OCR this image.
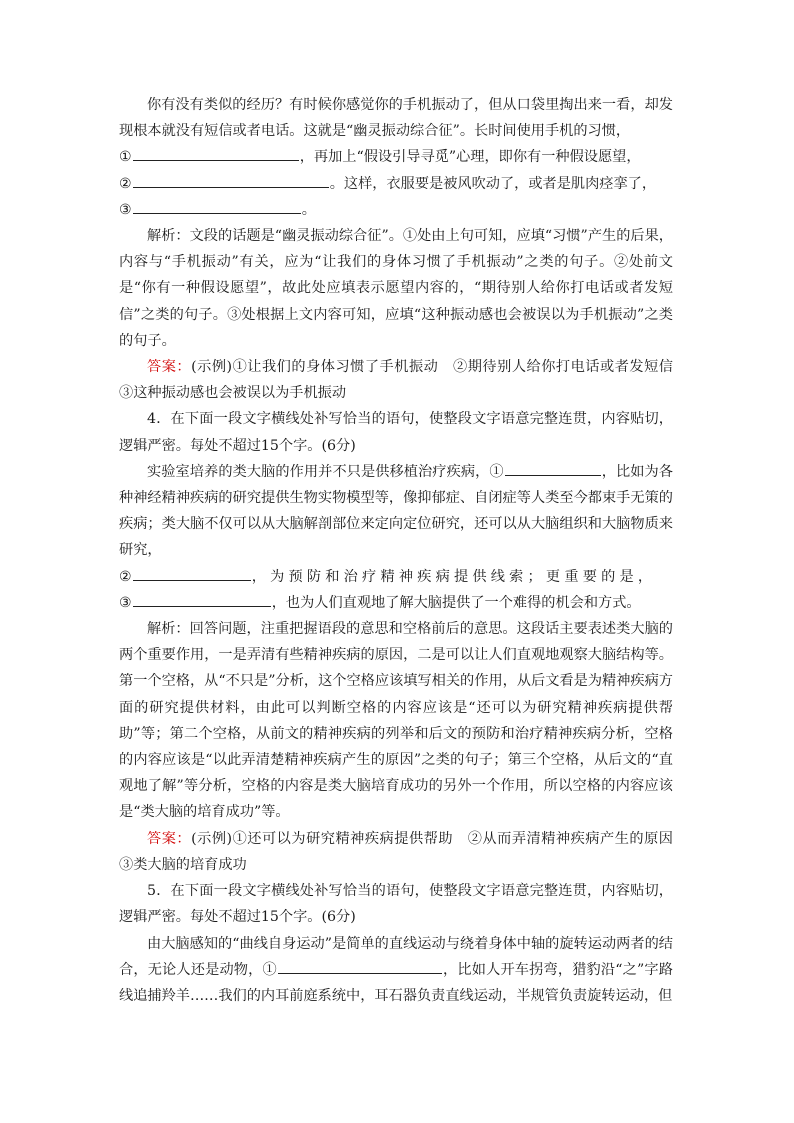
你有没有类似的经历？有时候你感觉你的手机振动了，但从口袋里掏出来一看，却发现根本就没有短信或者电话。这就是“幽灵振动综合征”。长时间使用手机的习惯，
①	，再加上“假设引导寻觅”心理，即你有一种假设愿望，
②	。这样，衣服要是被风吹动了，或者是肌肉痉挛了，
③	。

解析：文段的话题是“幽灵振动综合征”。①处由上句可知，应填“习惯”产生的后果，内容与“手机振动”有关，应为“让我们的身体习惯了手机振动”之类的句子。②处前文是“你有一种假设愿望”，故此处应填表示愿望内容的，“期待别人给你打电话或者发短信”之类的句子。③处根据上文内容可知，应填“这种振动感也会被误以为手机振动”之类的句子。

答案：(示例)①让我们的身体习惯了手机振动　②期待别人给你打电话或者发短信　③这种振动感也会被误以为手机振动

4．在下面一段文字横线处补写恰当的语句，使整段文字语意完整连贯，内容贴切，逻辑严密。每处不超过15个字。(6分)

实验室培养的类大脑的作用并不只是供移植治疗疾病，①	，比如为各种神经精神疾病的研究提供生物实物模型等，像抑郁症、自闭症等人类至今都束手无策的疾病；类大脑不仅可以从大脑解剖部位来定向定位研究，还可以从大脑组织和大脑物质来研究，
②	，为预防和治疗精神疾病提供线索；更重要的是，
③	，也为人们直观地了解大脑提供了一个难得的机会和方式。

解析：回答问题，注重把握语段的意思和空格前后的意思。这段话主要表述类大脑的两个重要作用，一是弄清有些精神疾病的原因，二是可以让人们直观地观察大脑结构等。第一个空格，从“不只是”分析，这个空格应该填写相关的作用，从后文看是为精神疾病方面的研究提供材料，由此可以判断空格的内容应该是“还可以为研究精神疾病提供帮助”等；第二个空格，从前文的精神疾病的列举和后文的预防和治疗精神疾病分析，空格的内容应该是“以此弄清楚精神疾病产生的原因”之类的句子；第三个空格，从后文的“直观地了解”等分析，空格的内容是类大脑培育成功的另外一个作用，所以空格的内容应该是“类大脑的培育成功”等。

答案：(示例)①还可以为研究精神疾病提供帮助　②从而弄清精神疾病产生的原因　③类大脑的培育成功

5．在下面一段文字横线处补写恰当的语句，使整段文字语意完整连贯，内容贴切，逻辑严密。每处不超过15个字。(6分)

由大脑感知的“曲线自身运动”是简单的直线运动与绕着身体中轴的旋转运动两者的结合，无论人还是动物，①	，比如人开车拐弯，猎豹沿“之”字路线追捕羚羊……我们的内耳前庭系统中，耳石器负责直线运动，半规管负责旋转运动，但
